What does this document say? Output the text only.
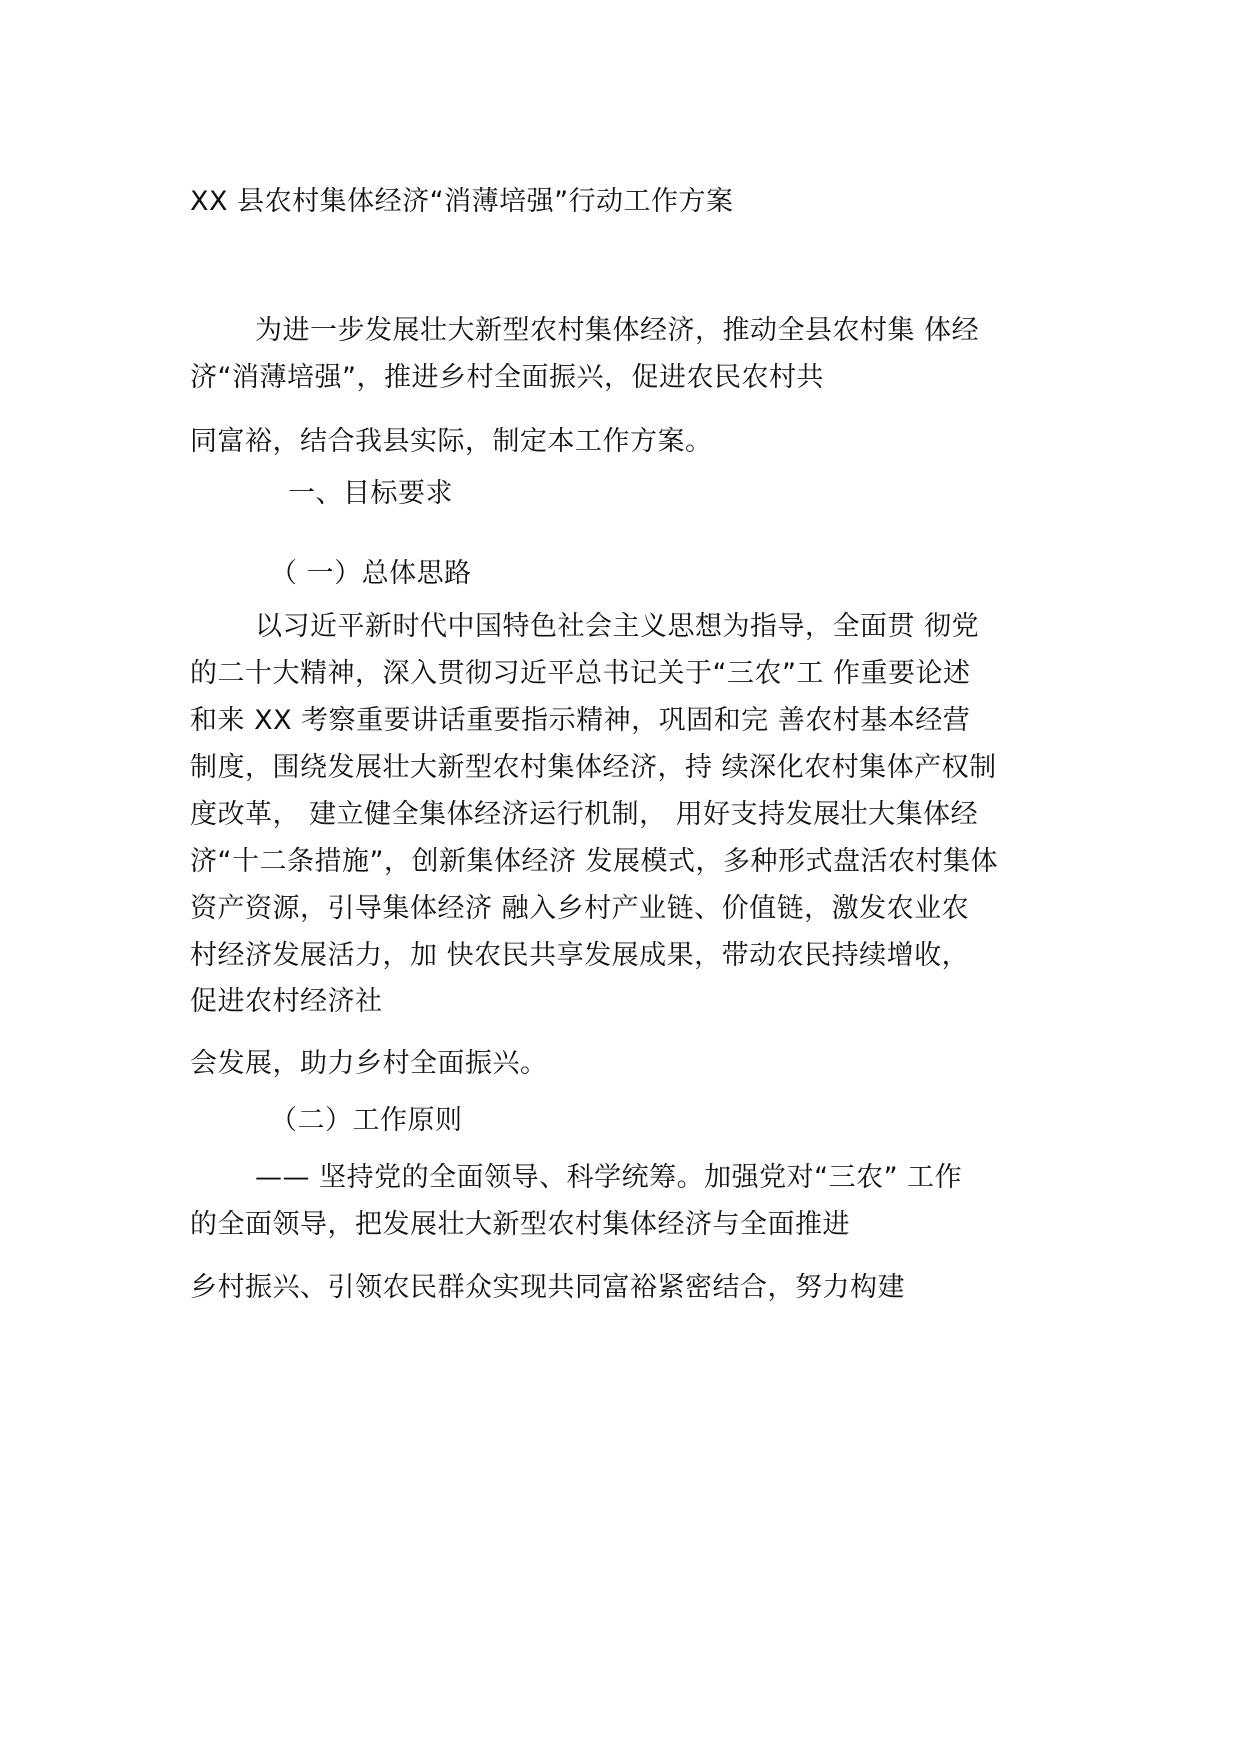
XX 县农村集体经济“消薄培强”行动工作方案
为进一步发展壮大新型农村集体经济，推动全县农村集 体经
济“消薄培强”，推进乡村全面振兴，促进农民农村共
同富裕，结合我县实际，制定本工作方案。
一、目标要求
（ 一）总体思路
以习近平新时代中国特色社会主义思想为指导，全面贯 彻党
的二十大精神，深入贯彻习近平总书记关于“三农”工 作重要论述
和来 XX 考察重要讲话重要指示精神，巩固和完 善农村基本经营
制度，围绕发展壮大新型农村集体经济，持 续深化农村集体产权制
度改革， 建立健全集体经济运行机制， 用好支持发展壮大集体经
济“十二条措施”，创新集体经济 发展模式，多种形式盘活农村集体
资产资源，引导集体经济 融入乡村产业链、价值链，激发农业农
村经济发展活力，加 快农民共享发展成果，带动农民持续增收，
促进农村经济社
会发展，助力乡村全面振兴。
（二）工作原则
—— 坚持党的全面领导、科学统筹。加强党对“三农” 工作
的全面领导，把发展壮大新型农村集体经济与全面推进
乡村振兴、引领农民群众实现共同富裕紧密结合，努力构建
